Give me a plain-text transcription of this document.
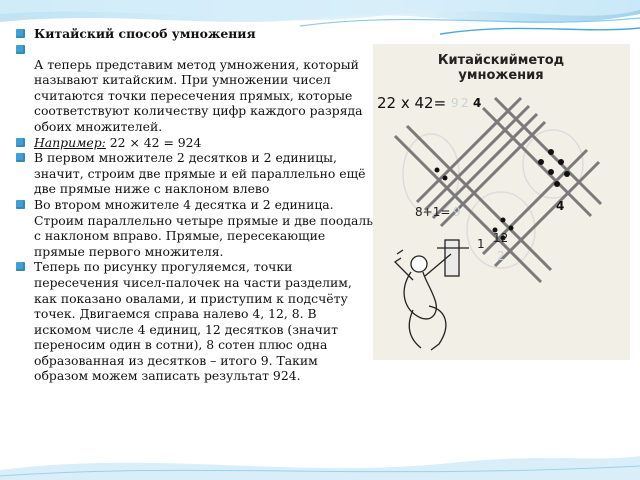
Китайский способ умножения
А теперь представим метод умножения, который называют китайским. При умножении чисел считаются точки пересечения прямых, которые соответствуют количеству цифр каждого разряда обоих множителей.
Например: 22 × 42 = 924
В первом множителе 2 десятков и 2 единицы, значит, строим две прямые и ей параллельно ещё две прямые ниже с наклоном влево
Во втором множителе 4 десятка и 2 единица. Строим параллельно четыре прямые и две поодаль с наклоном вправо. Прямые, пересекающие прямые первого множителя.
Теперь по рисунку прогуляемся, точки пересечения чисел-палочек на части разделим, как показано овалами, и приступим к подсчёту точек. Двигаемся справа налево 4, 12, 8. В искомом числе 4 единиц, 12 десятков (значит переносим один в сотни), 8 сотен плюс одна образованная из десятков – итого 9. Таким образом можем записать результат 924.
Китайскийметод
умножения
22 x 42= 9 2 4
4
8+1= 9
1 12
2
